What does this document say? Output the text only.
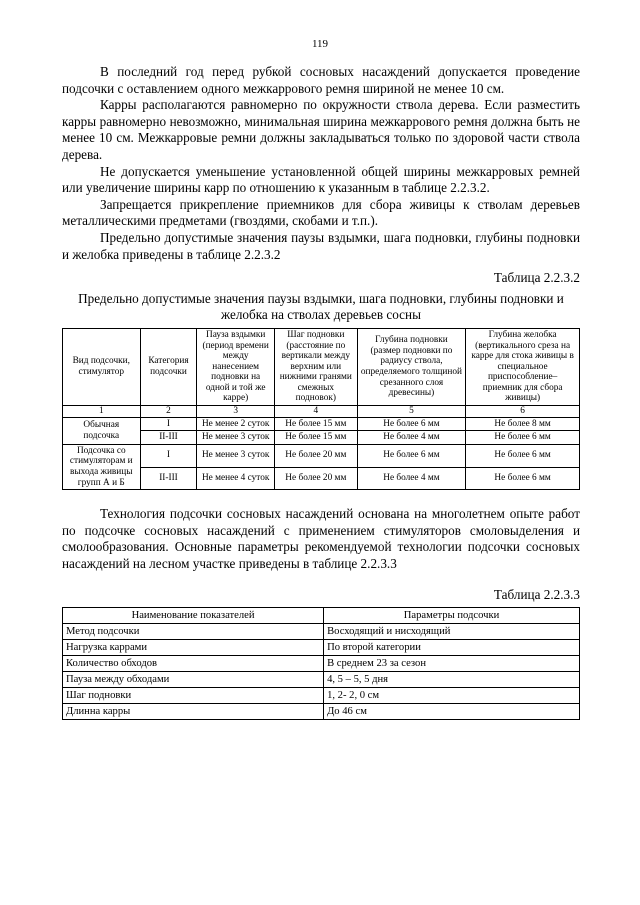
119

В последний год перед рубкой сосновых насаждений допускается проведение подсочки с оставлением одного межкаррового ремня шириной не менее 10 см.

Карры располагаются равномерно по окружности ствола дерева. Если разместить карры равномерно невозможно, минимальная ширина межкаррового ремня должна быть не менее 10 см. Межкарровые ремни должны закладываться только по здоровой части ствола дерева.

Не допускается уменьшение установленной общей ширины межкарровых ремней или увеличение ширины карр по отношению к указанным в таблице 2.2.3.2.

Запрещается прикрепление приемников для сбора живицы к стволам деревьев металлическими предметами (гвоздями, скобами и т.п.).

Предельно допустимые значения паузы вздымки, шага подновки, глубины подновки и желобка приведены в таблице 2.2.3.2

Таблица 2.2.3.2
Предельно допустимые значения паузы вздымки, шага подновки, глубины подновки и желобка на стволах деревьев сосны
Вид подсочки, стимулятор	Категория подсочки	Пауза вздымки (период времени между нанесением подновки на одной и той же карре)	Шаг подновки (расстояние по вертикали между верхним или нижними гранями смежных подновок)	Глубина подновки (размер подновки по радиусу ствола, определяемого толщиной срезанного слоя древесины)	Глубина желобка (вертикального среза на карре для стока живицы в специальное приспособление– приемник для сбора живицы)
1	2	3	4	5	6
Обычная подсочка	I	Не менее 2 суток	Не более 15 мм	Не более 6 мм	Не более 8 мм
	II-III	Не менее 3 суток	Не более 15 мм	Не более 4 мм	Не более 6 мм
Подсочка со стимуляторам и выхода живицы групп А и Б	I	Не менее 3 суток	Не более 20 мм	Не более 6 мм	Не более 6 мм
	II-III	Не менее 4 суток	Не более 20 мм	Не более 4 мм	Не более 6 мм

Технология подсочки сосновых насаждений основана на многолетнем опыте работ по подсочке сосновых насаждений с применением стимуляторов смоловыделения и смолообразования. Основные параметры рекомендуемой технологии подсочки сосновых насаждений на лесном участке приведены в таблице 2.2.3.3

Таблица 2.2.3.3
Наименование показателей	Параметры подсочки
Метод подсочки	Восходящий и нисходящий
Нагрузка каррами	По второй категории
Количество обходов	В среднем 23 за сезон
Пауза между обходами	4, 5 – 5, 5 дня
Шаг подновки	1, 2- 2, 0 см
Длинна карры	До 46 см
